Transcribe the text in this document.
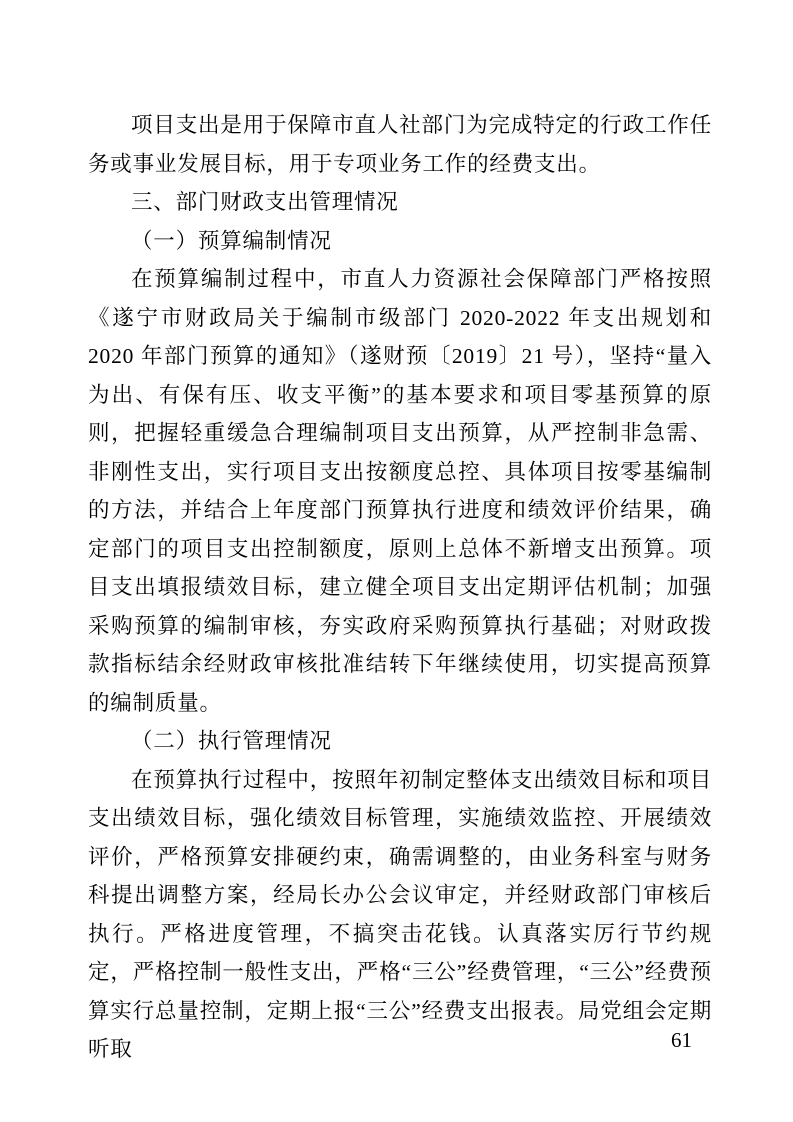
项目支出是用于保障市直人社部门为完成特定的行政工作任务或事业发展目标，用于专项业务工作的经费支出。

三、部门财政支出管理情况
（一）预算编制情况

在预算编制过程中，市直人力资源社会保障部门严格按照《遂宁市财政局关于编制市级部门 2020-2022 年支出规划和 2020 年部门预算的通知》（遂财预〔2019〕21 号），坚持“量入为出、有保有压、收支平衡”的基本要求和项目零基预算的原则，把握轻重缓急合理编制项目支出预算，从严控制非急需、非刚性支出，实行项目支出按额度总控、具体项目按零基编制的方法，并结合上年度部门预算执行进度和绩效评价结果，确定部门的项目支出控制额度，原则上总体不新增支出预算。项目支出填报绩效目标，建立健全项目支出定期评估机制；加强采购预算的编制审核，夯实政府采购预算执行基础；对财政拨款指标结余经财政审核批准结转下年继续使用，切实提高预算的编制质量。

（二）执行管理情况

在预算执行过程中，按照年初制定整体支出绩效目标和项目支出绩效目标，强化绩效目标管理，实施绩效监控、开展绩效评价，严格预算安排硬约束，确需调整的，由业务科室与财务科提出调整方案，经局长办公会议审定，并经财政部门审核后执行。严格进度管理，不搞突击花钱。认真落实厉行节约规定，严格控制一般性支出，严格“三公”经费管理，“三公”经费预算实行总量控制，定期上报“三公”经费支出报表。局党组会定期听取	61
